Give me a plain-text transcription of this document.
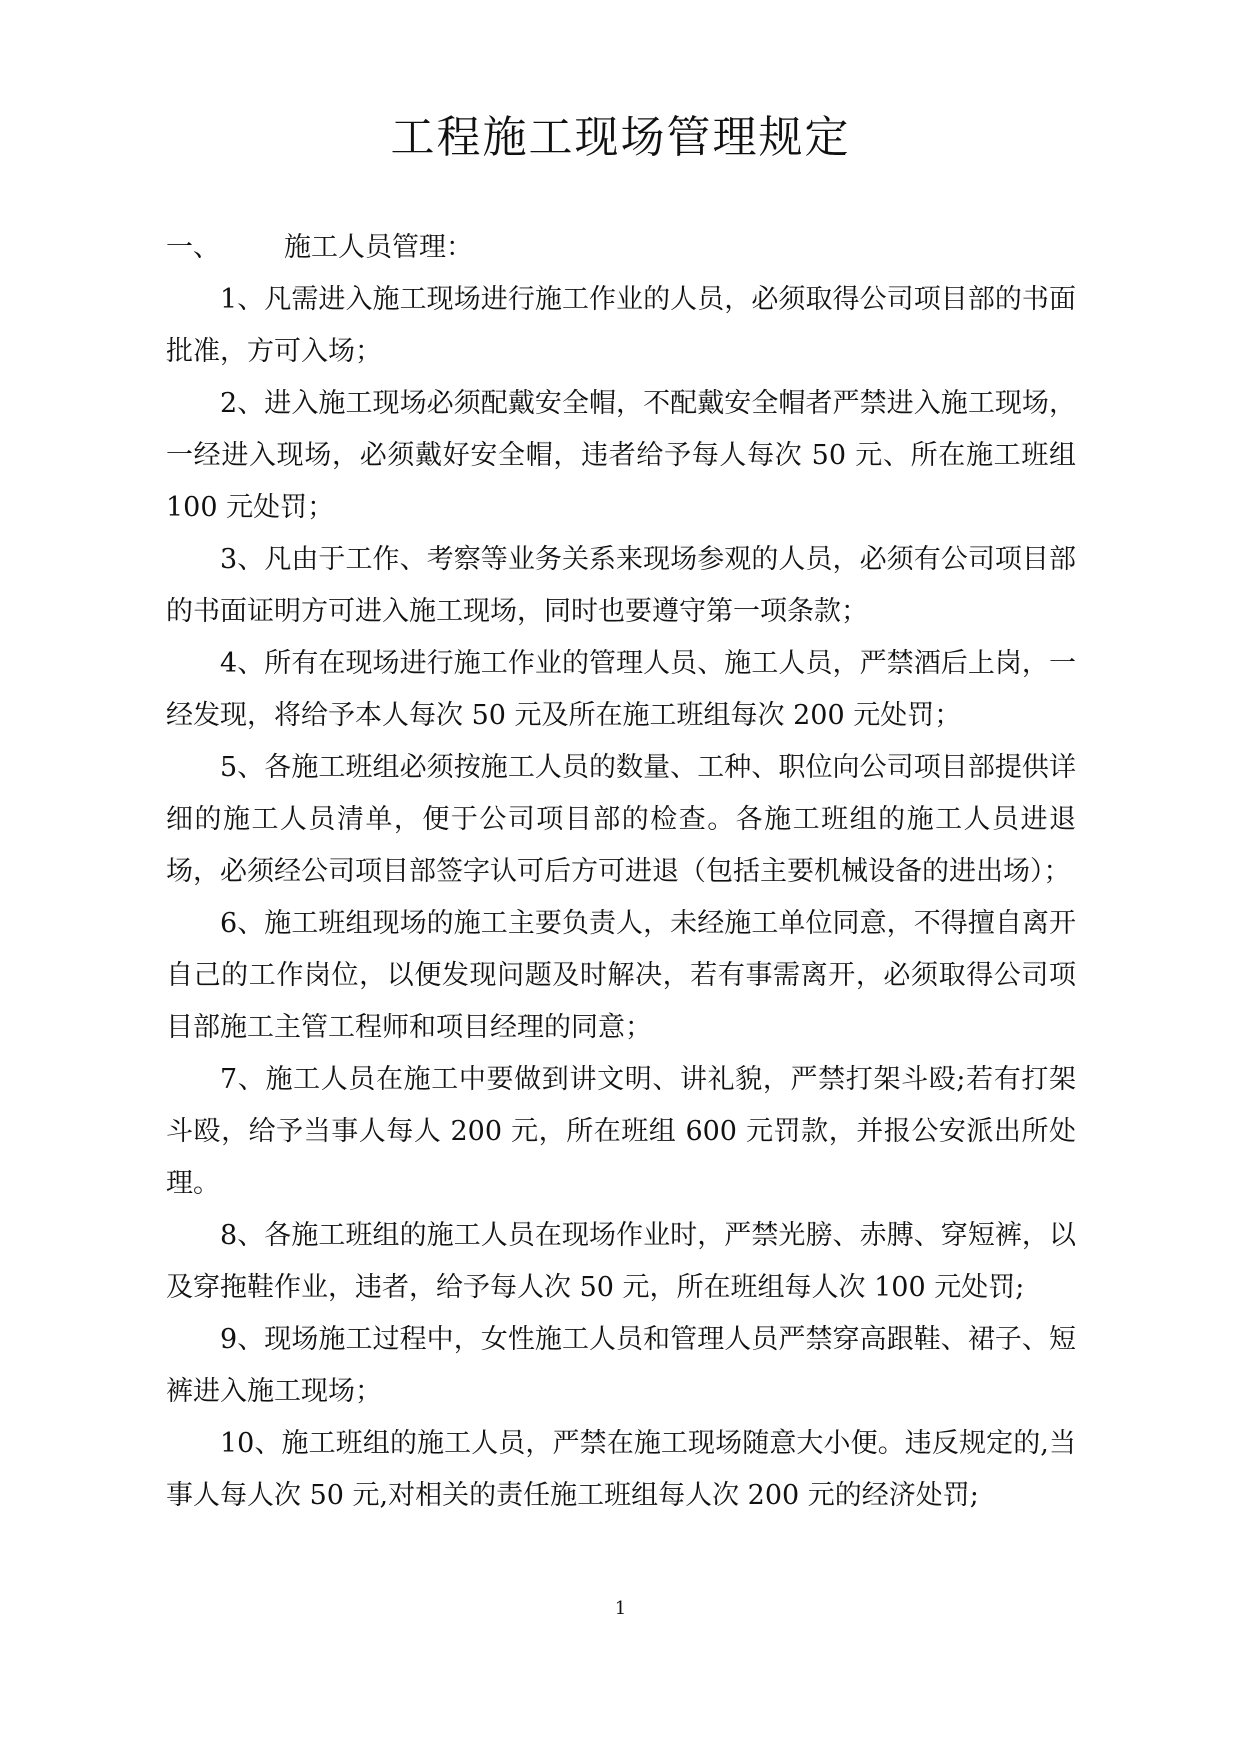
工程施工现场管理规定

一、 施工人员管理：

1、凡需进入施工现场进行施工作业的人员，必须取得公司项目部的书面批准，方可入场；

2、进入施工现场必须配戴安全帽，不配戴安全帽者严禁进入施工现场，一经进入现场，必须戴好安全帽，违者给予每人每次 50 元、所在施工班组 100 元处罚；

3、凡由于工作、考察等业务关系来现场参观的人员，必须有公司项目部的书面证明方可进入施工现场，同时也要遵守第一项条款；

4、所有在现场进行施工作业的管理人员、施工人员，严禁酒后上岗，一经发现，将给予本人每次 50 元及所在施工班组每次 200 元处罚；

5、各施工班组必须按施工人员的数量、工种、职位向公司项目部提供详细的施工人员清单，便于公司项目部的检查。各施工班组的施工人员进退场，必须经公司项目部签字认可后方可进退（包括主要机械设备的进出场）；

6、施工班组现场的施工主要负责人，未经施工单位同意，不得擅自离开自己的工作岗位，以便发现问题及时解决，若有事需离开，必须取得公司项目部施工主管工程师和项目经理的同意；

7、施工人员在施工中要做到讲文明、讲礼貌，严禁打架斗殴;若有打架斗殴，给予当事人每人 200 元，所在班组 600 元罚款，并报公安派出所处理。

8、各施工班组的施工人员在现场作业时，严禁光膀、赤膊、穿短裤，以及穿拖鞋作业，违者，给予每人次 50 元，所在班组每人次 100 元处罚;

9、现场施工过程中，女性施工人员和管理人员严禁穿高跟鞋、裙子、短裤进入施工现场；

10、施工班组的施工人员，严禁在施工现场随意大小便。违反规定的,当事人每人次 50 元,对相关的责任施工班组每人次 200 元的经济处罚;

1
